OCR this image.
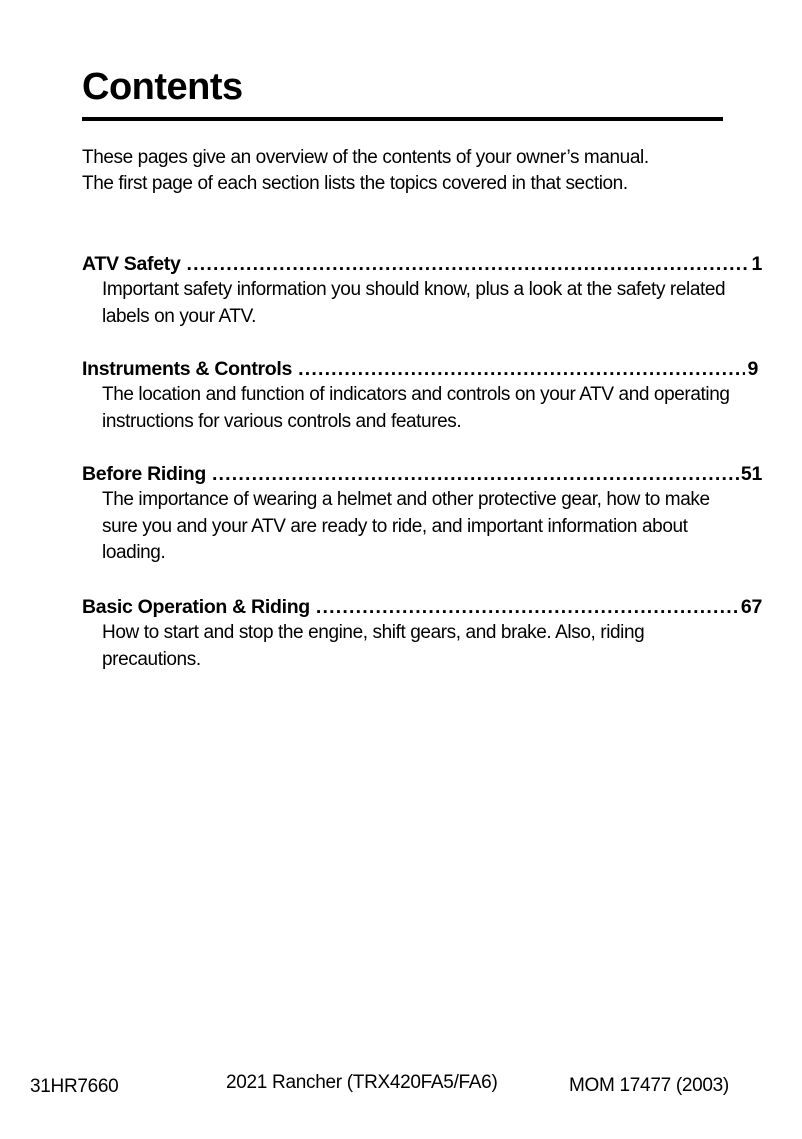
Contents

These pages give an overview of the contents of your owner’s manual.

The first page of each section lists the topics covered in that section.

ATV Safety .....	1

Important safety information you should know, plus a look at the safety related labels on your ATV.

Instruments & Controls .....	9

The location and function of indicators and controls on your ATV and operating instructions for various controls and features.

Before Riding .....	51

The importance of wearing a helmet and other protective gear, how to make sure you and your ATV are ready to ride, and important information about loading.

Basic Operation & Riding .....	67

How to start and stop the engine, shift gears, and brake. Also, riding precautions.

31HR7660	2021 Rancher (TRX420FA5/FA6)	MOM 17477 (2003)
